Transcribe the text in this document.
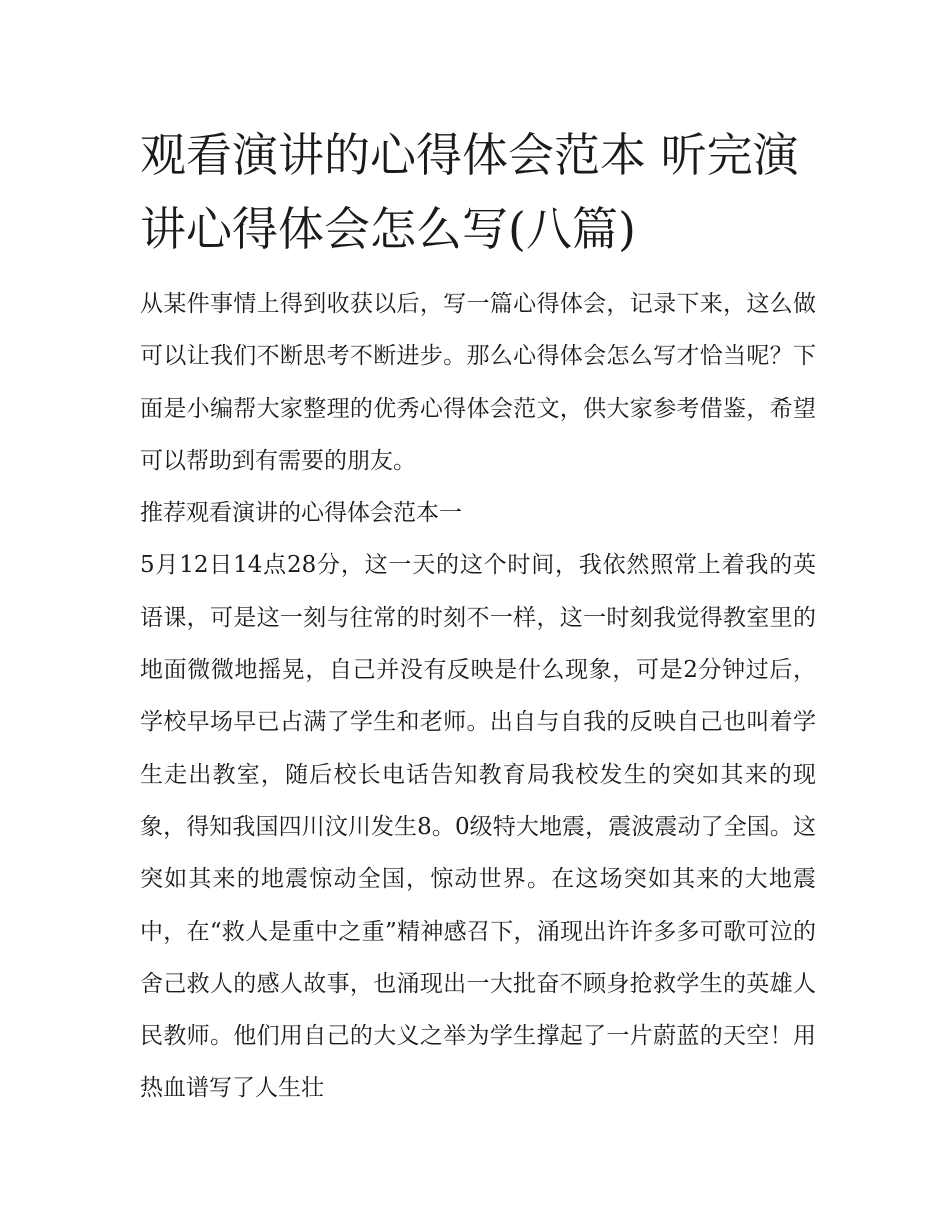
观看演讲的心得体会范本 听完演讲心得体会怎么写(八篇)

从某件事情上得到收获以后，写一篇心得体会，记录下来，这么做可以让我们不断思考不断进步。那么心得体会怎么写才恰当呢？下面是小编帮大家整理的优秀心得体会范文，供大家参考借鉴，希望可以帮助到有需要的朋友。

推荐观看演讲的心得体会范本一

5月12日14点28分，这一天的这个时间，我依然照常上着我的英语课，可是这一刻与往常的时刻不一样，这一时刻我觉得教室里的地面微微地摇晃，自己并没有反映是什么现象，可是2分钟过后，学校早场早已占满了学生和老师。出自与自我的反映自己也叫着学生走出教室，随后校长电话告知教育局我校发生的突如其来的现象，得知我国四川汶川发生8。0级特大地震，震波震动了全国。这突如其来的地震惊动全国，惊动世界。在这场突如其来的大地震中，在“救人是重中之重”精神感召下，涌现出许许多多可歌可泣的舍己救人的感人故事，也涌现出一大批奋不顾身抢救学生的英雄人民教师。他们用自己的大义之举为学生撑起了一片蔚蓝的天空！用热血谱写了人生壮
